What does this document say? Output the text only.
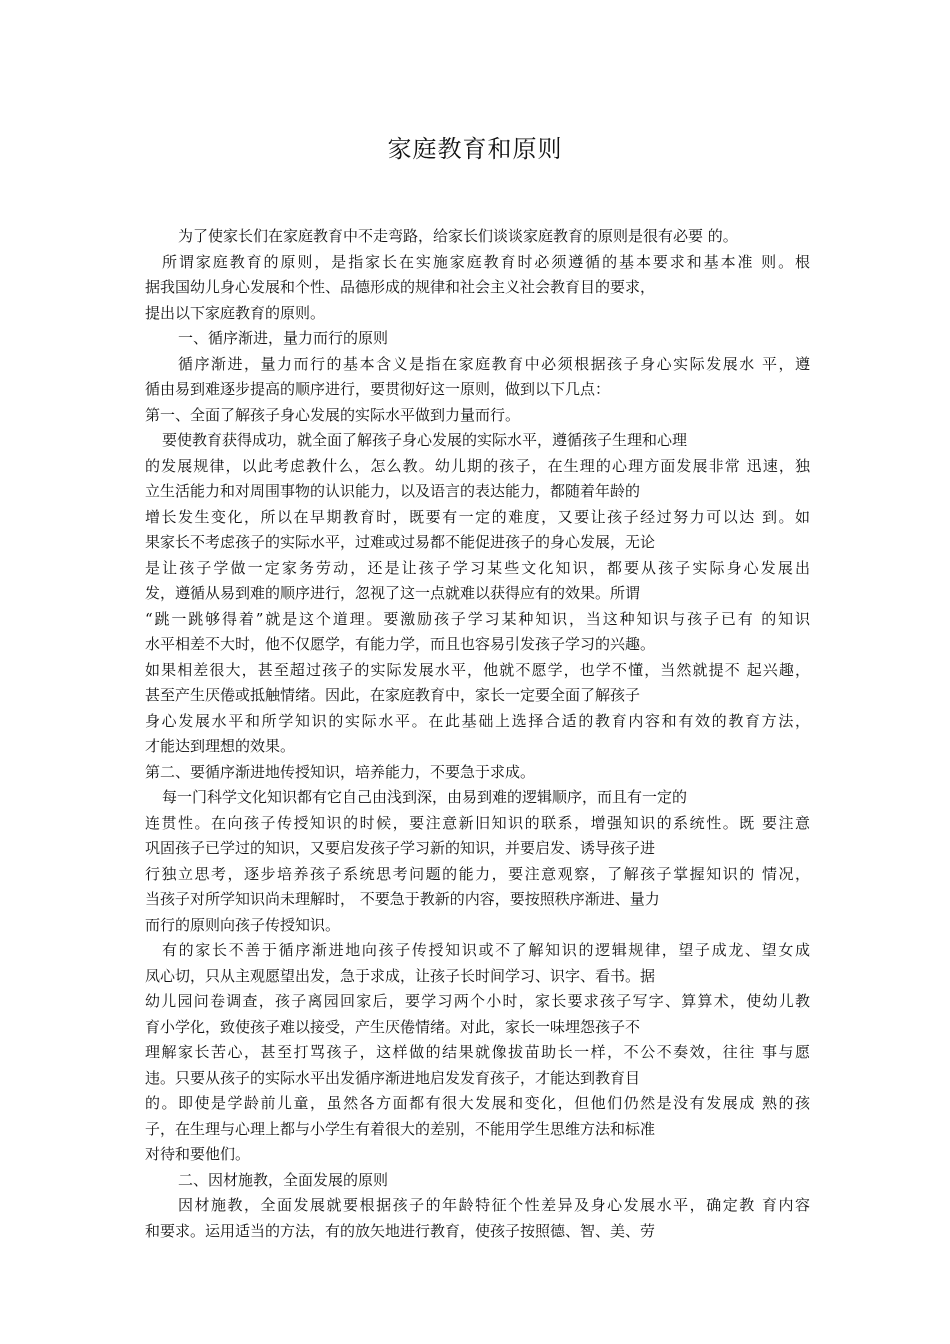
家庭教育和原则
为了使家长们在家庭教育中不走弯路，给家长们谈谈家庭教育的原则是很有必要 的。
所谓家庭教育的原则，是指家长在实施家庭教育时必须遵循的基本要求和基本准 则。根
据我国幼儿身心发展和个性、品德形成的规律和社会主义社会教育目的要求，
提出以下家庭教育的原则。
一、循序渐进，量力而行的原则
循序渐进，量力而行的基本含义是指在家庭教育中必须根据孩子身心实际发展水 平，遵
循由易到难逐步提高的顺序进行，要贯彻好这一原则，做到以下几点：
第一、全面了解孩子身心发展的实际水平做到力量而行。
要使教育获得成功，就全面了解孩子身心发展的实际水平，遵循孩子生理和心理
的发展规律，以此考虑教什么，怎么教。幼儿期的孩子，在生理的心理方面发展非常 迅速，独
立生活能力和对周围事物的认识能力，以及语言的表达能力，都随着年龄的
增长发生变化，所以在早期教育时，既要有一定的难度，又要让孩子经过努力可以达 到。如
果家长不考虑孩子的实际水平，过难或过易都不能促进孩子的身心发展，无论
是让孩子学做一定家务劳动，还是让孩子学习某些文化知识，都要从孩子实际身心发展出
发，遵循从易到难的顺序进行，忽视了这一点就难以获得应有的效果。所谓
“跳一跳够得着”就是这个道理。要激励孩子学习某种知识，当这种知识与孩子已有 的知识
水平相差不大时，他不仅愿学，有能力学，而且也容易引发孩子学习的兴趣。
如果相差很大，甚至超过孩子的实际发展水平，他就不愿学，也学不懂，当然就提不 起兴趣，
甚至产生厌倦或抵触情绪。因此，在家庭教育中，家长一定要全面了解孩子
身心发展水平和所学知识的实际水平。在此基础上选择合适的教育内容和有效的教育方法，
才能达到理想的效果。
第二、要循序渐进地传授知识，培养能力，不要急于求成。
每一门科学文化知识都有它自己由浅到深，由易到难的逻辑顺序，而且有一定的
连贯性。在向孩子传授知识的时候，要注意新旧知识的联系，增强知识的系统性。既 要注意
巩固孩子已学过的知识，又要启发孩子学习新的知识，并要启发、诱导孩子进
行独立思考，逐步培养孩子系统思考问题的能力，要注意观察，了解孩子掌握知识的 情况，
当孩子对所学知识尚未理解时， 不要急于教新的内容，要按照秩序渐进、量力
而行的原则向孩子传授知识。
有的家长不善于循序渐进地向孩子传授知识或不了解知识的逻辑规律，望子成龙、望女成
凤心切，只从主观愿望出发，急于求成，让孩子长时间学习、识字、看书。据
幼儿园问卷调查，孩子离园回家后，要学习两个小时，家长要求孩子写字、算算术，使幼儿教
育小学化，致使孩子难以接受，产生厌倦情绪。对此，家长一味埋怨孩子不
理解家长苦心，甚至打骂孩子，这样做的结果就像拔苗助长一样，不公不奏效，往往 事与愿
违。只要从孩子的实际水平出发循序渐进地启发发育孩子，才能达到教育目
的。即使是学龄前儿童，虽然各方面都有很大发展和变化，但他们仍然是没有发展成 熟的孩
子，在生理与心理上都与小学生有着很大的差别，不能用学生思维方法和标准
对待和要他们。
二、因材施教，全面发展的原则
因材施教，全面发展就要根据孩子的年龄特征个性差异及身心发展水平，确定教 育内容
和要求。运用适当的方法，有的放矢地进行教育，使孩子按照德、智、美、劳
